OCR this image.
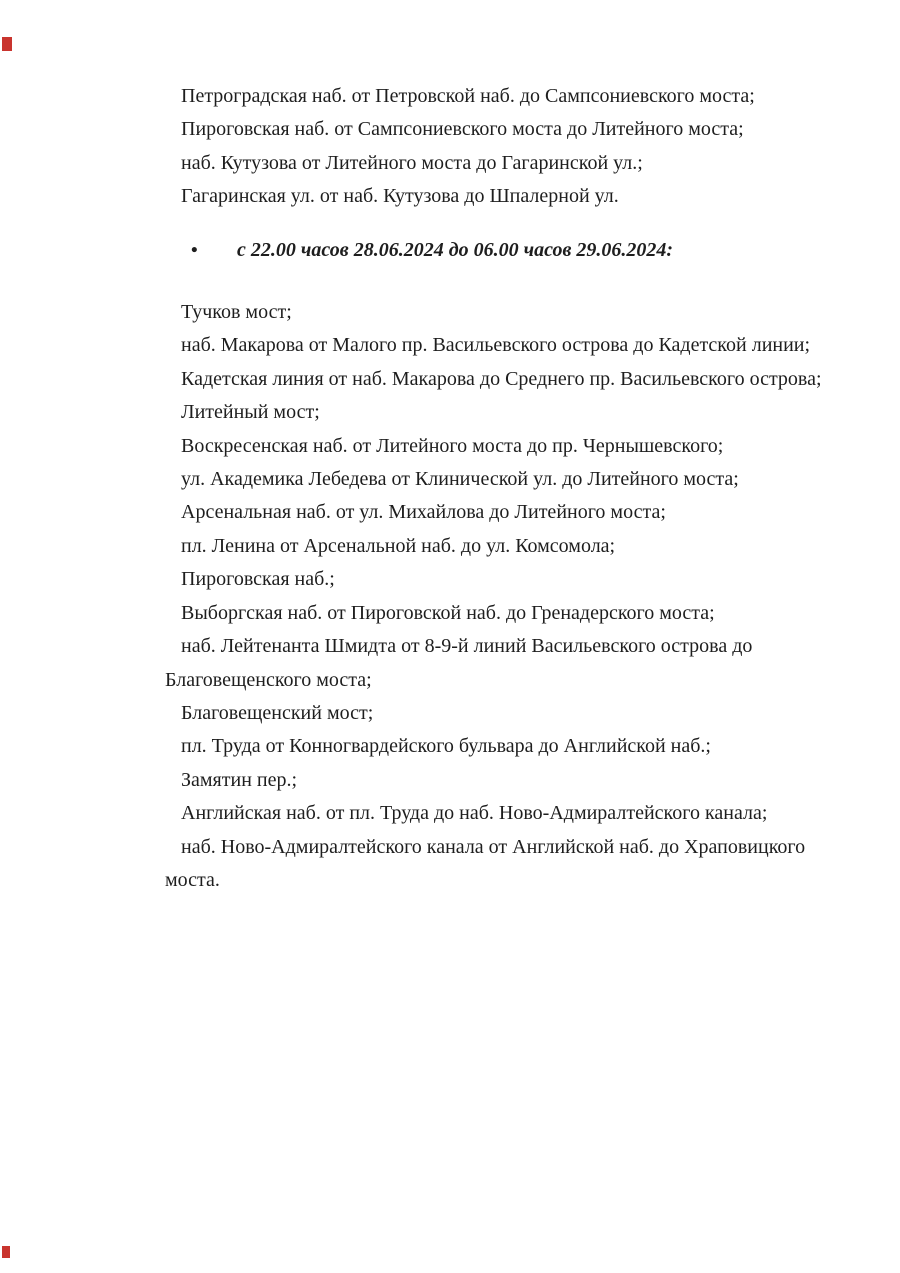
Петроградская наб. от Петровской наб. до Сампсониевского моста;

Пироговская наб. от Сампсониевского моста до Литейного моста;

наб. Кутузова от Литейного моста до Гагаринской ул.;

Гагаринская ул. от наб. Кутузова до Шпалерной ул.

• с 22.00 часов 28.06.2024 до 06.00 часов 29.06.2024:

Тучков мост;

наб. Макарова от Малого пр. Васильевского острова до Кадетской линии;

Кадетская линия от наб. Макарова до Среднего пр. Васильевского острова;

Литейный мост;

Воскресенская наб. от Литейного моста до пр. Чернышевского;

ул. Академика Лебедева от Клинической ул. до Литейного моста;

Арсенальная наб. от ул. Михайлова до Литейного моста;

пл. Ленина от Арсенальной наб. до ул. Комсомола;

Пироговская наб.;

Выборгская наб. от Пироговской наб. до Гренадерского моста;

наб. Лейтенанта Шмидта от 8-9-й линий Васильевского острова до Благовещенского моста;

Благовещенский мост;

пл. Труда от Конногвардейского бульвара до Английской наб.;

Замятин пер.;

Английская наб. от пл. Труда до наб. Ново-Адмиралтейского канала;

наб. Ново-Адмиралтейского канала от Английской наб. до Храповицкого моста.
